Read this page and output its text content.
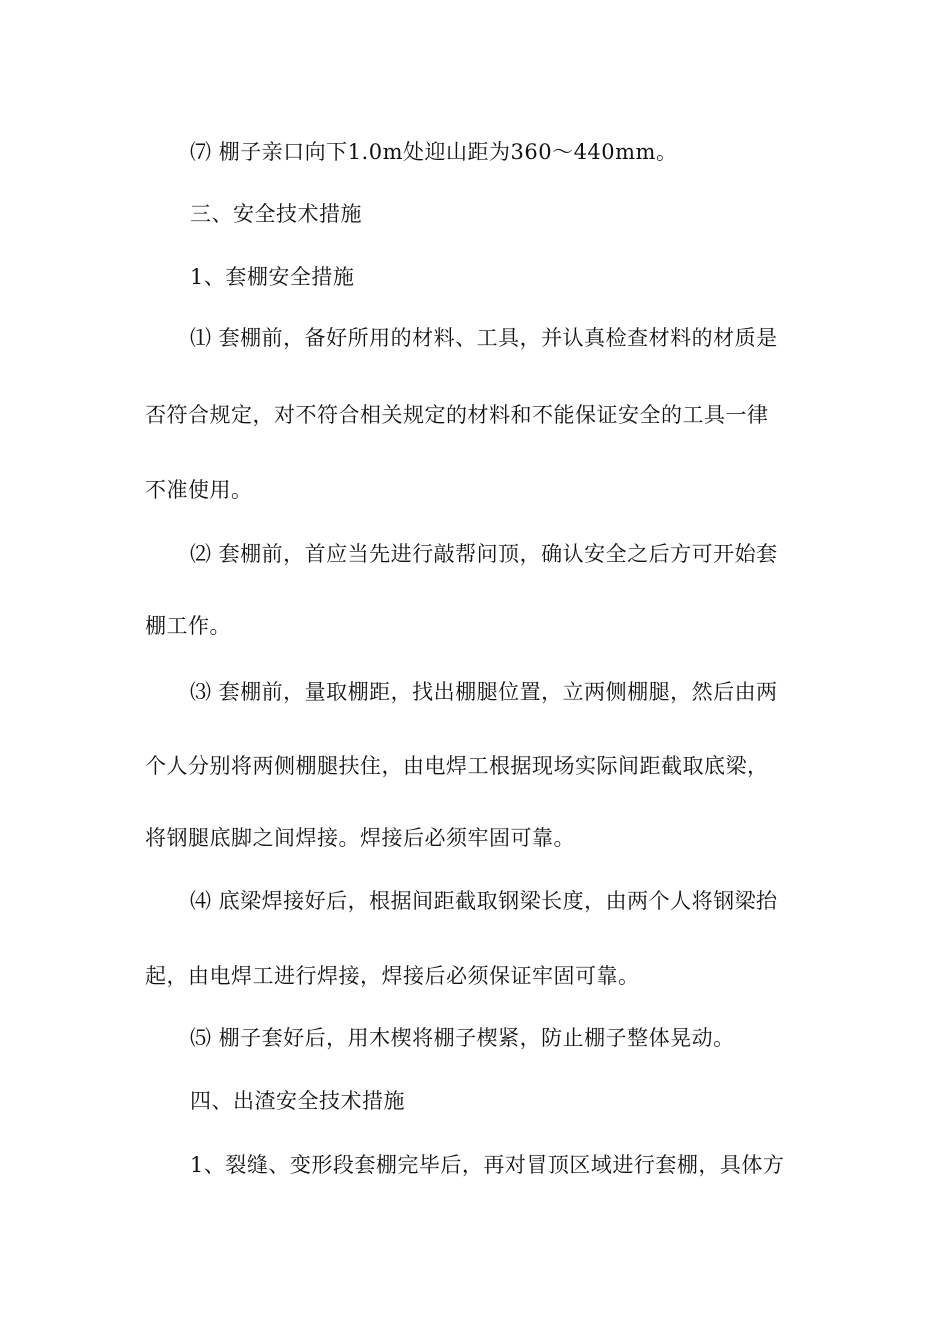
⑺ 棚子亲口向下1.0m处迎山距为360～440mm。
三、安全技术措施
1、套棚安全措施
⑴ 套棚前，备好所用的材料、工具，并认真检查材料的材质是
否符合规定，对不符合相关规定的材料和不能保证安全的工具一律
不准使用。
⑵ 套棚前，首应当先进行敲帮问顶，确认安全之后方可开始套
棚工作。
⑶ 套棚前，量取棚距，找出棚腿位置，立两侧棚腿，然后由两
个人分别将两侧棚腿扶住，由电焊工根据现场实际间距截取底梁，
将钢腿底脚之间焊接。焊接后必须牢固可靠。
⑷ 底梁焊接好后，根据间距截取钢梁长度，由两个人将钢梁抬
起，由电焊工进行焊接，焊接后必须保证牢固可靠。
⑸ 棚子套好后，用木楔将棚子楔紧，防止棚子整体晃动。
四、出渣安全技术措施
1、裂缝、变形段套棚完毕后，再对冒顶区域进行套棚，具体方
